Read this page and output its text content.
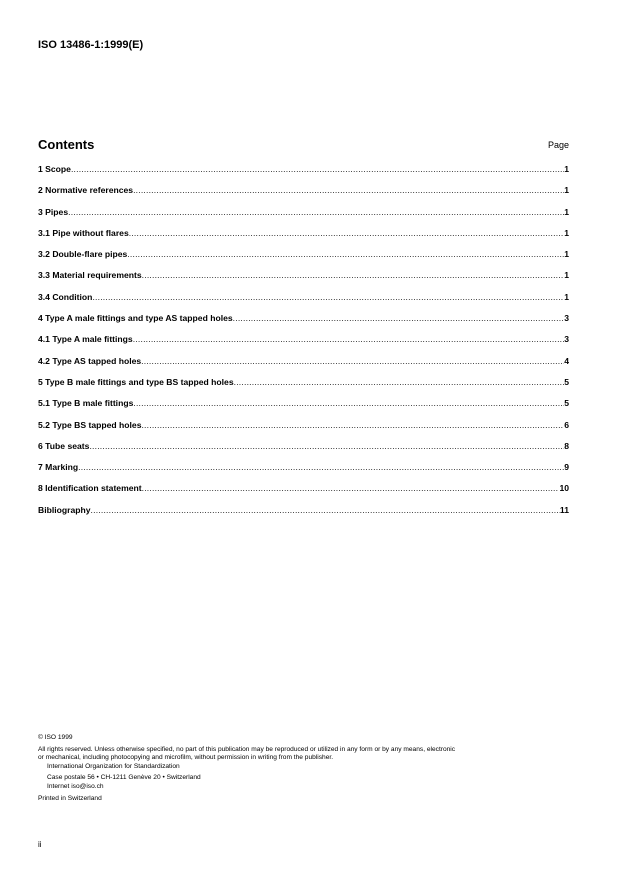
ISO 13486-1:1999(E)
Contents	Page
1 Scope .....	1
2 Normative references .....	1
3 Pipes .....	1
3.1 Pipe without flares .....	1
3.2 Double-flare pipes .....	1
3.3 Material requirements .....	1
3.4 Condition .....	1
4 Type A male fittings and type AS tapped holes .....	3
4.1 Type A male fittings .....	3
4.2 Type AS tapped holes .....	4
5 Type B male fittings and type BS tapped holes .....	5
5.1 Type B male fittings .....	5
5.2 Type BS tapped holes .....	6
6 Tube seats .....	8
7 Marking .....	9
8 Identification statement .....	10
Bibliography .....	11
© ISO 1999
All rights reserved. Unless otherwise specified, no part of this publication may be reproduced or utilized in any form or by any means, electronic
or mechanical, including photocopying and microfilm, without permission in writing from the publisher.
International Organization for Standardization
Case postale 56 • CH-1211 Genève 20 • Switzerland
Internet iso@iso.ch
Printed in Switzerland
ii
